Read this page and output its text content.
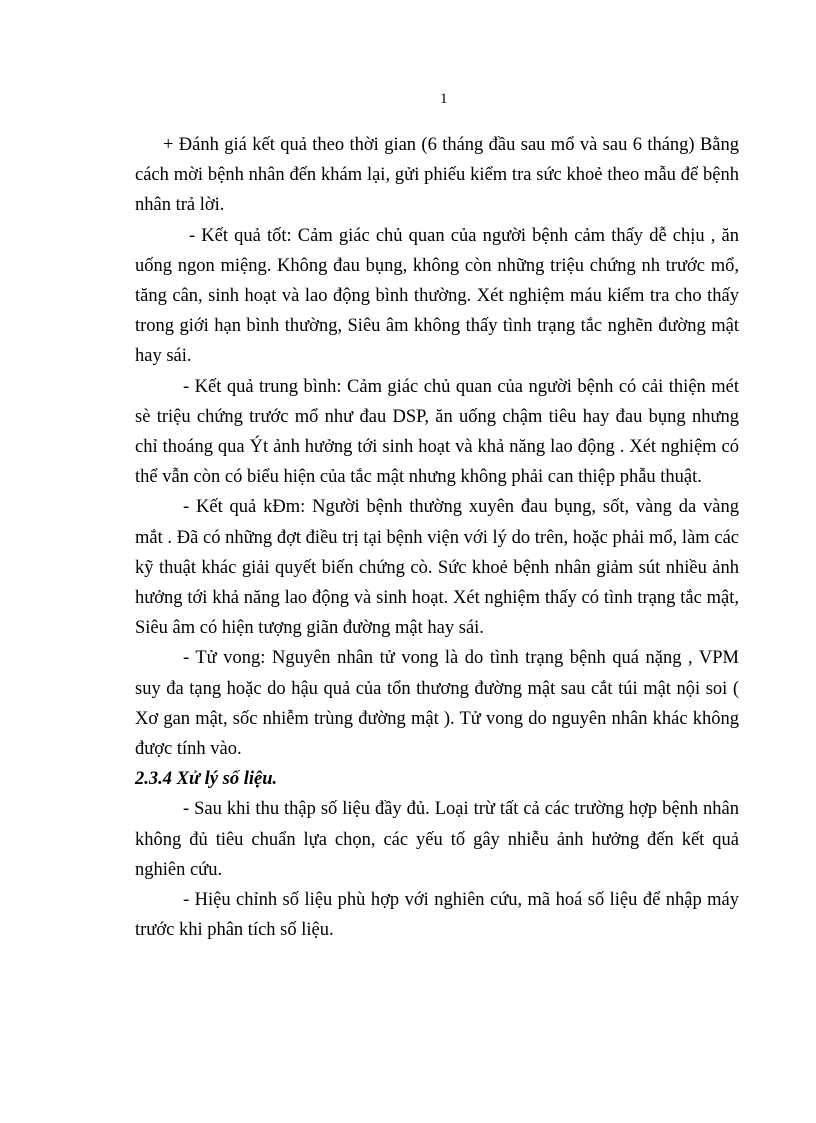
1

+ Đánh giá kết quả theo thời gian (6 tháng đầu sau mổ và sau 6 tháng) Bằng cách mời bệnh nhân đến khám lại, gửi phiếu kiểm tra sức khoẻ theo mẫu để bệnh nhân trả lời.

- Kết quả tốt: Cảm giác chủ quan của người bệnh cảm thấy dễ chịu , ăn uống ngon miệng. Không đau bụng, không còn những triệu chứng nh trước mổ, tăng cân, sinh hoạt và lao động bình thường. Xét nghiệm máu kiểm tra cho thấy trong giới hạn bình thường, Siêu âm không thấy tình trạng tắc nghẽn đường mật hay sái.

- Kết quả trung bình: Cảm giác chủ quan của người bệnh có cải thiện mét sè triệu chứng trước mổ như đau DSP, ăn uống chậm tiêu hay đau bụng nhưng chỉ thoáng qua Ýt ảnh hưởng tới sinh hoạt và khả năng lao động . Xét nghiệm có thể vẫn còn có biểu hiện của tắc mật nhưng không phải can thiệp phẫu thuật.

- Kết quả kĐm: Người bệnh thường xuyên đau bụng, sốt, vàng da vàng mắt . Đã có những đợt điều trị tại bệnh viện với lý do trên, hoặc phải mổ, làm các kỹ thuật khác giải quyết biến chứng cò. Sức khoẻ bệnh nhân giảm sút nhiều ảnh hưởng tới khả năng lao động và sinh hoạt. Xét nghiệm thấy có tình trạng tắc mật, Siêu âm có hiện tượng giãn đường mật hay sái.

- Tử vong: Nguyên nhân tử vong là do tình trạng bệnh quá nặng , VPM suy đa tạng hoặc do hậu quả của tổn thương đường mật sau cắt túi mật nội soi ( Xơ gan mật, sốc nhiễm trùng đường mật ). Tử vong do nguyên nhân khác không được tính vào.

2.3.4 Xử lý số liệu.

- Sau khi thu thập số liệu đầy đủ. Loại trừ tất cả các trường hợp bệnh nhân không đủ tiêu chuẩn lựa chọn, các yếu tố gây nhiễu ảnh hưởng đến kết quả nghiên cứu.

- Hiệu chỉnh số liệu phù hợp với nghiên cứu, mã hoá số liệu để nhập máy trước khi phân tích số liệu.
